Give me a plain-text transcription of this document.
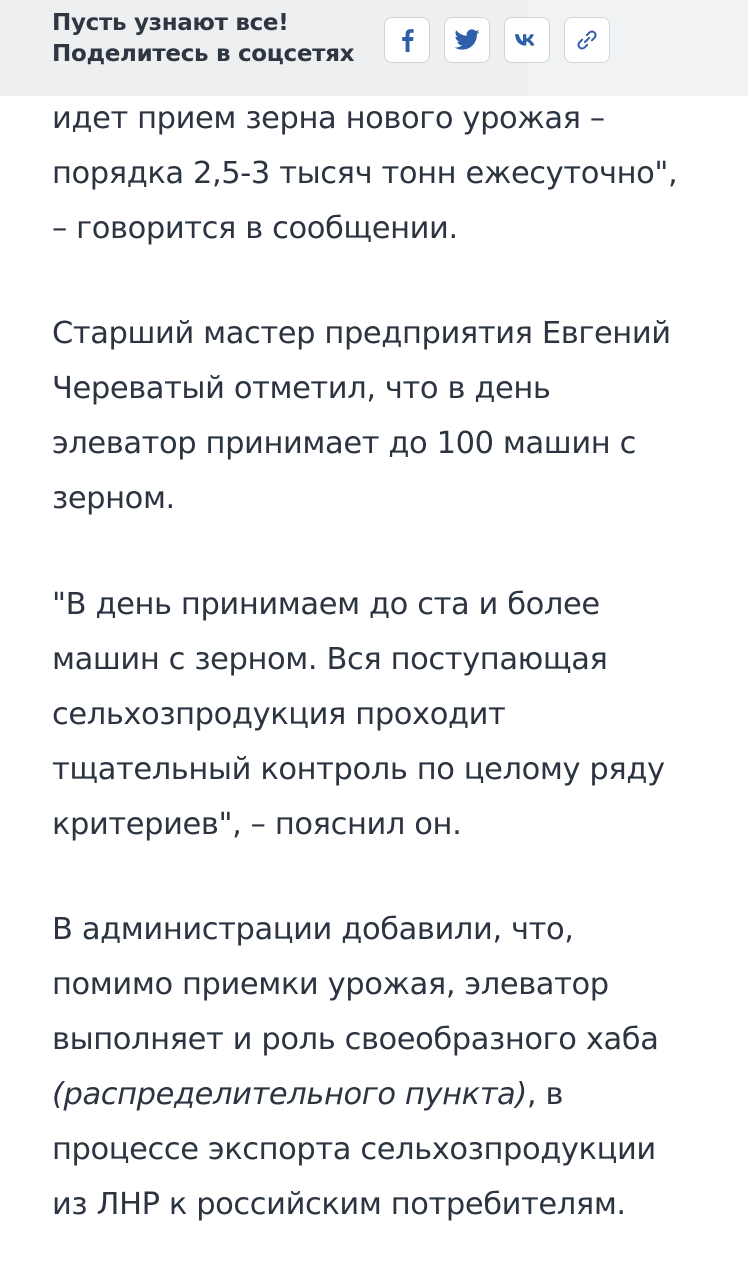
Пусть узнают все!
Поделитесь в соцсетях

идет прием зерна нового урожая –
порядка 2,5-3 тысяч тонн ежесуточно",
– говорится в сообщении.

Старший мастер предприятия Евгений
Череватый отметил, что в день
элеватор принимает до 100 машин с
зерном.

"В день принимаем до ста и более
машин с зерном. Вся поступающая
сельхозпродукция проходит
тщательный контроль по целому ряду
критериев", – пояснил он.

В администрации добавили, что,
помимо приемки урожая, элеватор
выполняет и роль своеобразного хаба
(распределительного пункта), в
процессе экспорта сельхозпродукции
из ЛНР к российским потребителям.
